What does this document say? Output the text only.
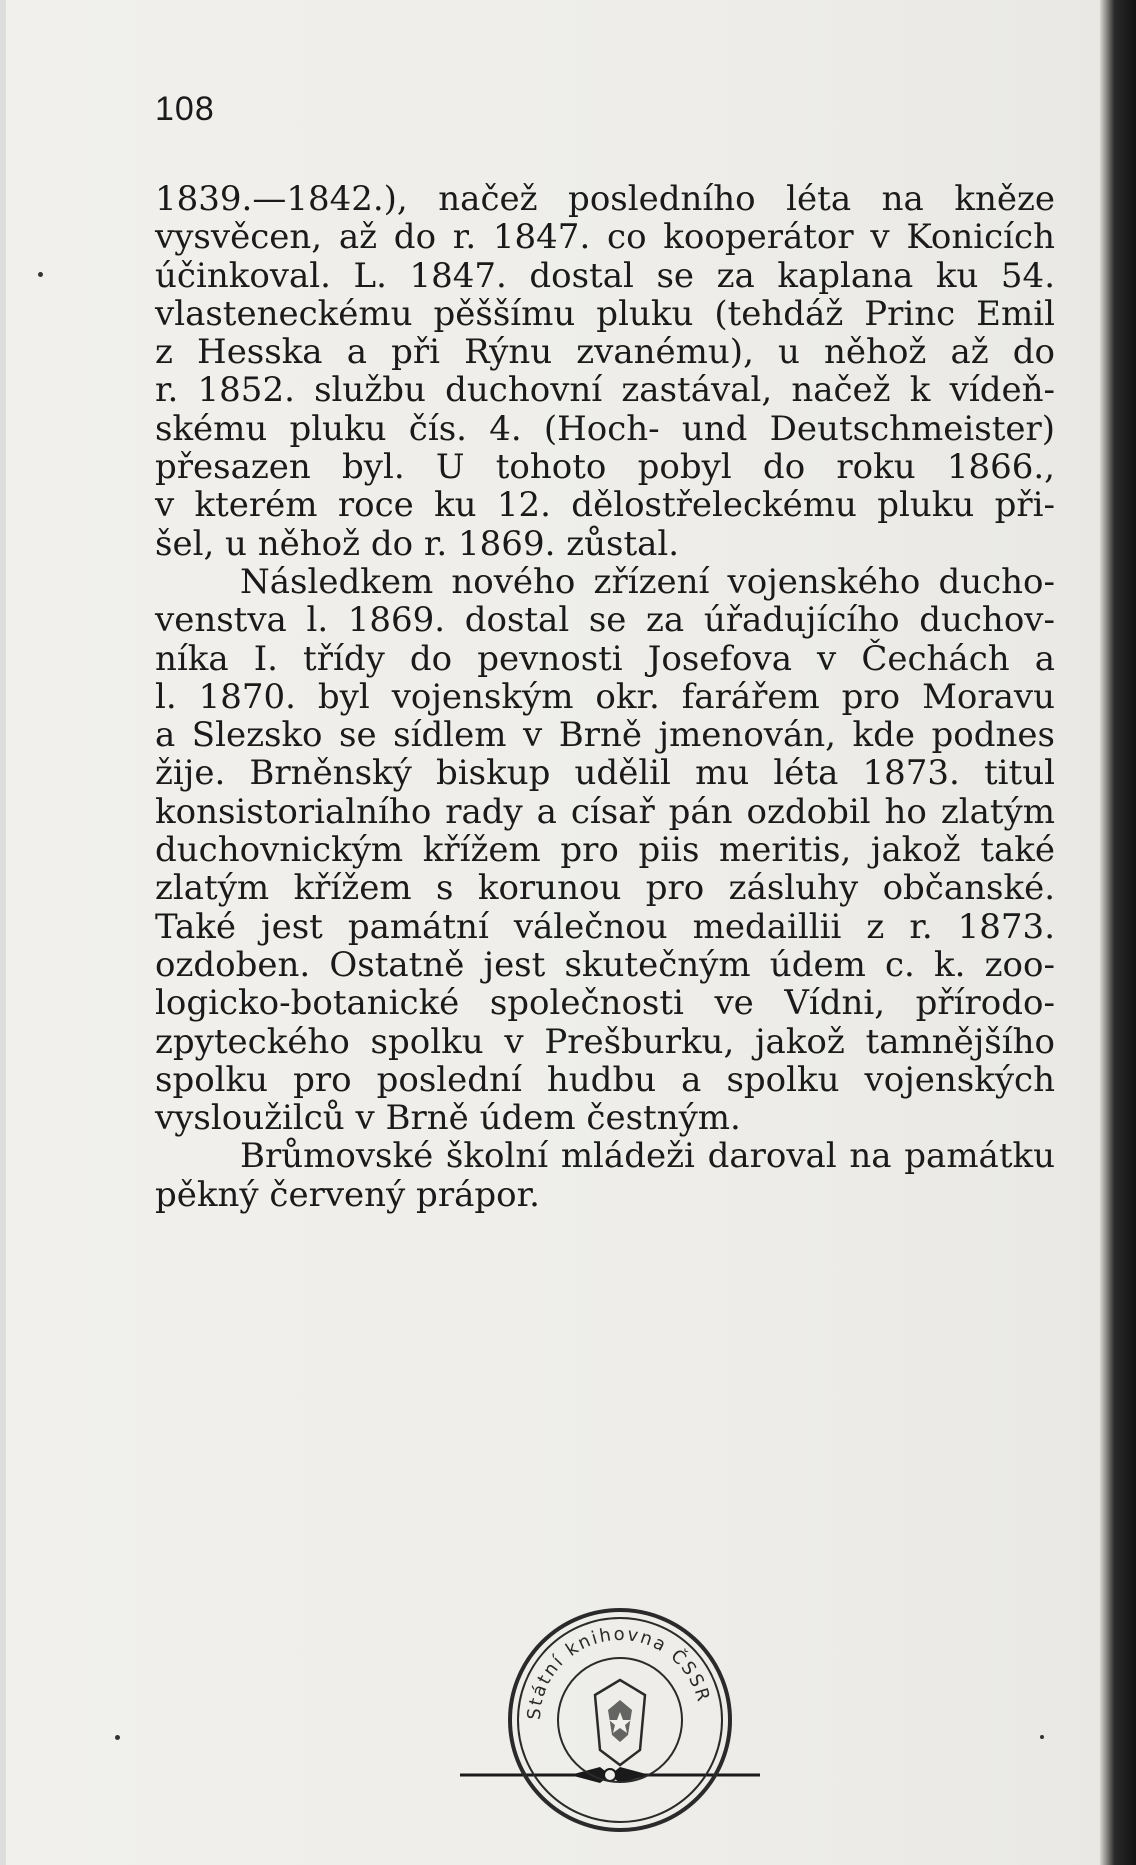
108
1839.—1842.), načež posledního léta na kněze
vysvěcen, až do r. 1847. co kooperátor v Konicích
účinkoval. L. 1847. dostal se za kaplana ku 54.
vlasteneckému pěššímu pluku (tehdáž Princ Emil
z Hesska a při Rýnu zvanému), u něhož až do
r. 1852. službu duchovní zastával, načež k vídeň-
skému pluku čís. 4. (Hoch- und Deutschmeister)
přesazen byl. U tohoto pobyl do roku 1866.,
v kterém roce ku 12. dělostřeleckému pluku při-
šel, u něhož do r. 1869. zůstal.
Následkem nového zřízení vojenského ducho-
venstva l. 1869. dostal se za úřadujícího duchov-
níka I. třídy do pevnosti Josefova v Čechách a
l. 1870. byl vojenským okr. farářem pro Moravu
a Slezsko se sídlem v Brně jmenován, kde podnes
žije. Brněnský biskup udělil mu léta 1873. titul
konsistorialního rady a císař pán ozdobil ho zlatým
duchovnickým křížem pro piis meritis, jakož také
zlatým křížem s korunou pro zásluhy občanské.
Také jest památní válečnou medaillii z r. 1873.
ozdoben. Ostatně jest skutečným údem c. k. zoo-
logicko-botanické společnosti ve Vídni, přírodo-
zpyteckého spolku v Prešburku, jakož tamnějšího
spolku pro poslední hudbu a spolku vojenských
vysloužilců v Brně údem čestným.
Brůmovské školní mládeži daroval na památku
pěkný červený prápor.
Státní knihovna ČSSR
